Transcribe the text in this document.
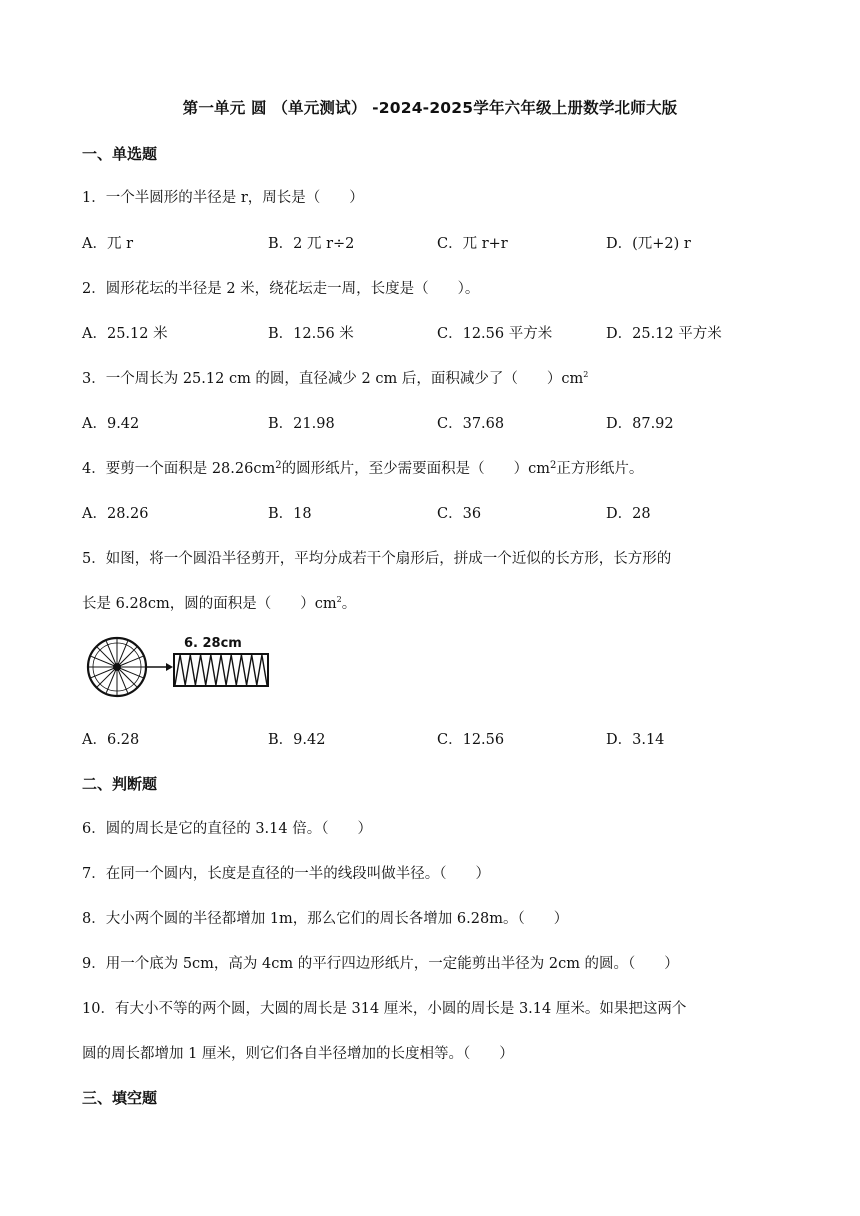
第一单元 圆 （单元测试） -2024-2025学年六年级上册数学北师大版
一、单选题
1．一个半圆形的半径是 r，周长是（　　）
A．兀 r	B．2 兀 r÷2	C．兀 r+r	D．(兀+2) r
2．圆形花坛的半径是 2 米，绕花坛走一周，长度是（　　）。
A．25.12 米	B．12.56 米	C．12.56 平方米	D．25.12 平方米
3．一个周长为 25.12 cm 的圆，直径减少 2 cm 后，面积减少了（　　）$cm^2$
A．9.42	B．21.98	C．37.68	D．87.92
4．要剪一个面积是 $28.26cm^2$的圆形纸片，至少需要面积是（　　）$cm^2$正方形纸片。
A．28.26	B．18	C．36	D．28
5．如图，将一个圆沿半径剪开，平均分成若干个扇形后，拼成一个近似的长方形，长方形的
长是 6.28cm，圆的面积是（　　）$cm^2$。
6. 28cm
A．6.28	B．9.42	C．12.56	D．3.14
二、判断题
6．圆的周长是它的直径的 3.14 倍。（　　）
7．在同一个圆内，长度是直径的一半的线段叫做半径。（　　）
8．大小两个圆的半径都增加 1m，那么它们的周长各增加 6.28m。（　　）
9．用一个底为 5cm，高为 4cm 的平行四边形纸片，一定能剪出半径为 2cm 的圆。（　　）
10．有大小不等的两个圆，大圆的周长是 314 厘米，小圆的周长是 3.14 厘米。如果把这两个
圆的周长都增加 1 厘米，则它们各自半径增加的长度相等。（　　）
三、填空题
